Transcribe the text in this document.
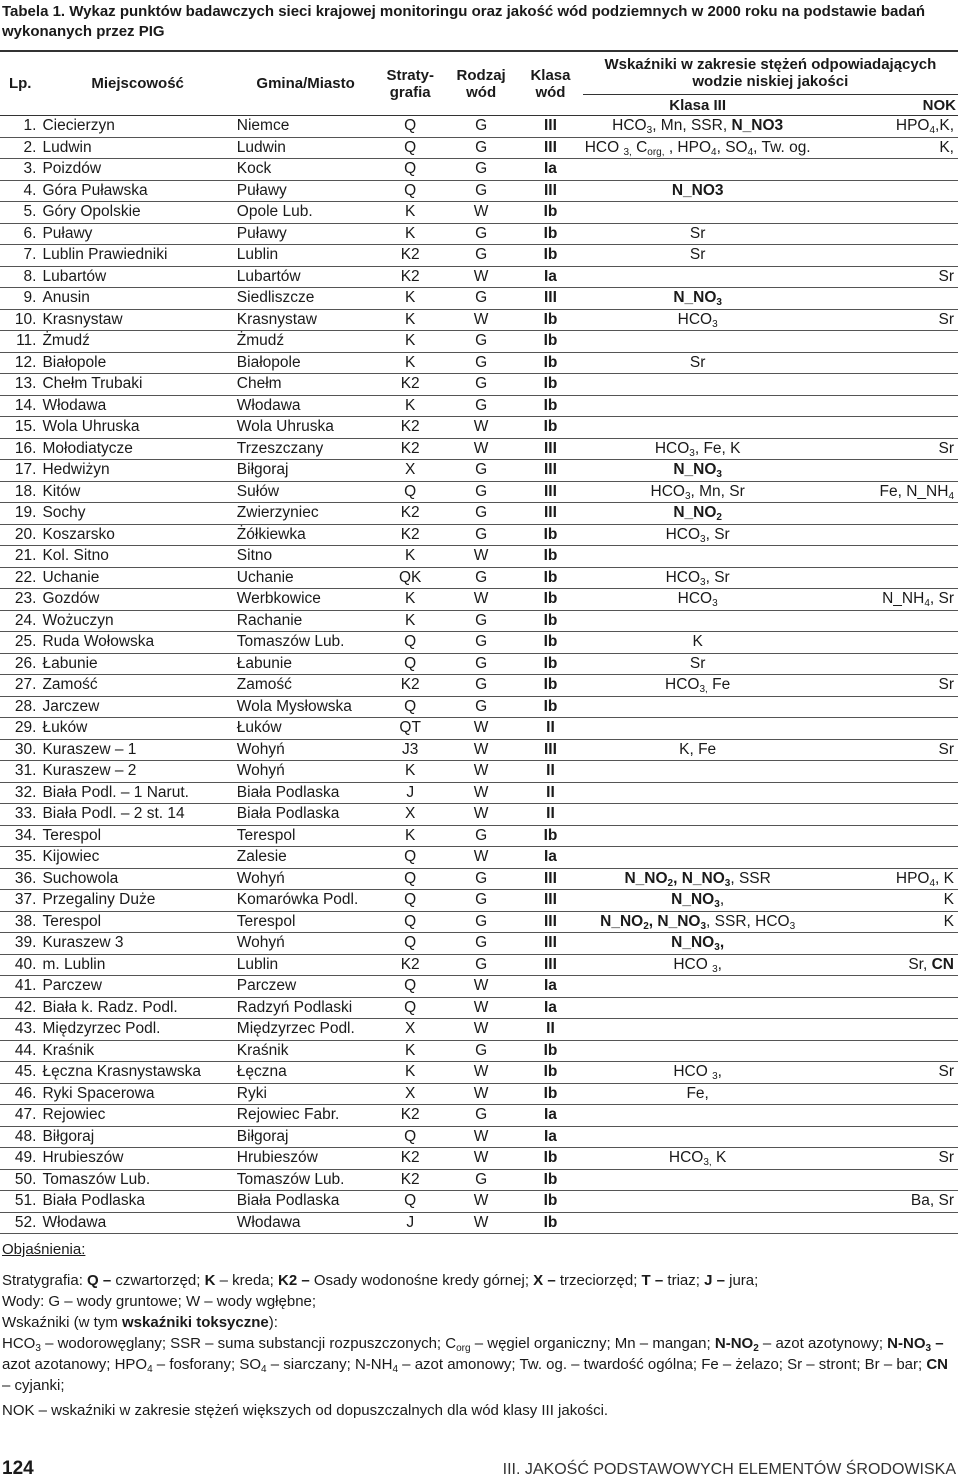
Tabela 1. Wykaz punktów badawczych sieci krajowej monitoringu oraz jakość wód podziemnych w 2000 roku na podstawie badań wykonanych przez PIG
Lp.	Miejscowość	Gmina/Miasto	Straty-grafia	Rodzaj wód	Klasa wód	Wskaźniki w zakresie stężeń odpowiadających wodzie niskiej jakości	
						Klasa III	NOK
1.	Ciecierzyn	Niemce	Q	G	III	$HCO_3$, Mn, SSR, N_NO3	$HPO_4,K$,
2.	Ludwin	Ludwin	Q	G	III	HCO $_{3,}$ $C_{org,}$ , $HPO_4$, $SO_4$, Tw. og.	K,
3.	Poizdów	Kock	Q	G	Ia		
4.	Góra Puławska	Puławy	Q	G	III	N_NO3	
5.	Góry Opolskie	Opole Lub.	K	W	Ib		
6.	Puławy	Puławy	K	G	Ib	Sr	
7.	Lublin Prawiedniki	Lublin	K2	G	Ib	Sr	
8.	Lubartów	Lubartów	K2	W	Ia		Sr
9.	Anusin	Siedliszcze	K	G	III	$N\_NO_3$	
10.	Krasnystaw	Krasnystaw	K	W	Ib	$HCO_3$	Sr
11.	Żmudź	Żmudź	K	G	Ib		
12.	Białopole	Białopole	K	G	Ib	Sr	
13.	Chełm Trubaki	Chełm	K2	G	Ib		
14.	Włodawa	Włodawa	K	G	Ib		
15.	Wola Uhruska	Wola Uhruska	K2	W	Ib		
16.	Mołodiatycze	Trzeszczany	K2	W	III	$HCO_3$, Fe, K	Sr
17.	Hedwiżyn	Biłgoraj	X	G	III	$N\_NO_3$	
18.	Kitów	Sułów	Q	G	III	$HCO_3$, Mn, Sr	Fe, $N\_NH_4$
19.	Sochy	Zwierzyniec	K2	G	III	$N\_NO_2$	
20.	Koszarsko	Żółkiewka	K2	G	Ib	$HCO_3$, Sr	
21.	Kol. Sitno	Sitno	K	W	Ib		
22.	Uchanie	Uchanie	QK	G	Ib	$HCO_3$, Sr	
23.	Gozdów	Werbkowice	K	W	Ib	$HCO_3$	$N\_NH_4$, Sr
24.	Wożuczyn	Rachanie	K	G	Ib		
25.	Ruda Wołowska	Tomaszów Lub.	Q	G	Ib	K	
26.	Łabunie	Łabunie	Q	G	Ib	Sr	
27.	Zamość	Zamość	K2	G	Ib	$HCO_{3,}$ Fe	Sr
28.	Jarczew	Wola Mysłowska	Q	G	Ib		
29.	Łuków	Łuków	QT	W	II		
30.	Kuraszew – 1	Wohyń	J3	W	III	K, Fe	Sr
31.	Kuraszew – 2	Wohyń	K	W	II		
32.	Biała Podl. – 1 Narut.	Biała Podlaska	J	W	II		
33.	Biała Podl. – 2 st. 14	Biała Podlaska	X	W	II		
34.	Terespol	Terespol	K	G	Ib		
35.	Kijowiec	Zalesie	Q	W	Ia		
36.	Suchowola	Wohyń	Q	G	III	$N\_NO_2$, $N\_NO_3$, SSR	$HPO_4$, K
37.	Przegaliny Duże	Komarówka Podl.	Q	G	III	$N\_NO_3$,	K
38.	Terespol	Terespol	Q	G	III	$N\_NO_2$, $N\_NO_3$, SSR, $HCO_3$	K
39.	Kuraszew 3	Wohyń	Q	G	III	$N\_NO_3$,	
40.	m. Lublin	Lublin	K2	G	III	HCO $_3$,	Sr, CN
41.	Parczew	Parczew	Q	W	Ia		
42.	Biała k. Radz. Podl.	Radzyń Podlaski	Q	W	Ia		
43.	Międzyrzec Podl.	Międzyrzec Podl.	X	W	II		
44.	Kraśnik	Kraśnik	K	G	Ib		
45.	Łęczna Krasnystawska	Łęczna	K	W	Ib	HCO $_3$,	Sr
46.	Ryki Spacerowa	Ryki	X	W	Ib	Fe,	
47.	Rejowiec	Rejowiec Fabr.	K2	G	Ia		
48.	Biłgoraj	Biłgoraj	Q	W	Ia		
49.	Hrubieszów	Hrubieszów	K2	W	Ib	$HCO_{3,}$ K	Sr
50.	Tomaszów Lub.	Tomaszów Lub.	K2	G	Ib		
51.	Biała Podlaska	Biała Podlaska	Q	W	Ib		Ba, Sr
52.	Włodawa	Włodawa	J	W	Ib		

Objaśnienia:

Stratygrafia: Q – czwartorzęd; K – kreda; K2 – Osady wodonośne kredy górnej; X – trzeciorzęd; T – triaz; J – jura;

Wody: G – wody gruntowe; W – wody wgłębne;

Wskaźniki (w tym wskaźniki toksyczne):

$HCO_3$ – wodorowęglany; SSR – suma substancji rozpuszczonych; $C_{org}$ – węgiel organiczny; Mn – mangan; $N-NO_2$ – azot azotynowy; $N-NO_3$ – azot azotanowy; $HPO_4$ – fosforany; $SO_4$ – siarczany; $N-NH_4$ – azot amonowy; Tw. og. – twardość ogólna; Fe – żelazo; Sr – stront; Br – bar; CN – cyjanki;

NOK – wskaźniki w zakresie stężeń większych od dopuszczalnych dla wód klasy III jakości.

124	III. JAKOŚĆ PODSTAWOWYCH ELEMENTÓW ŚRODOWISKA
